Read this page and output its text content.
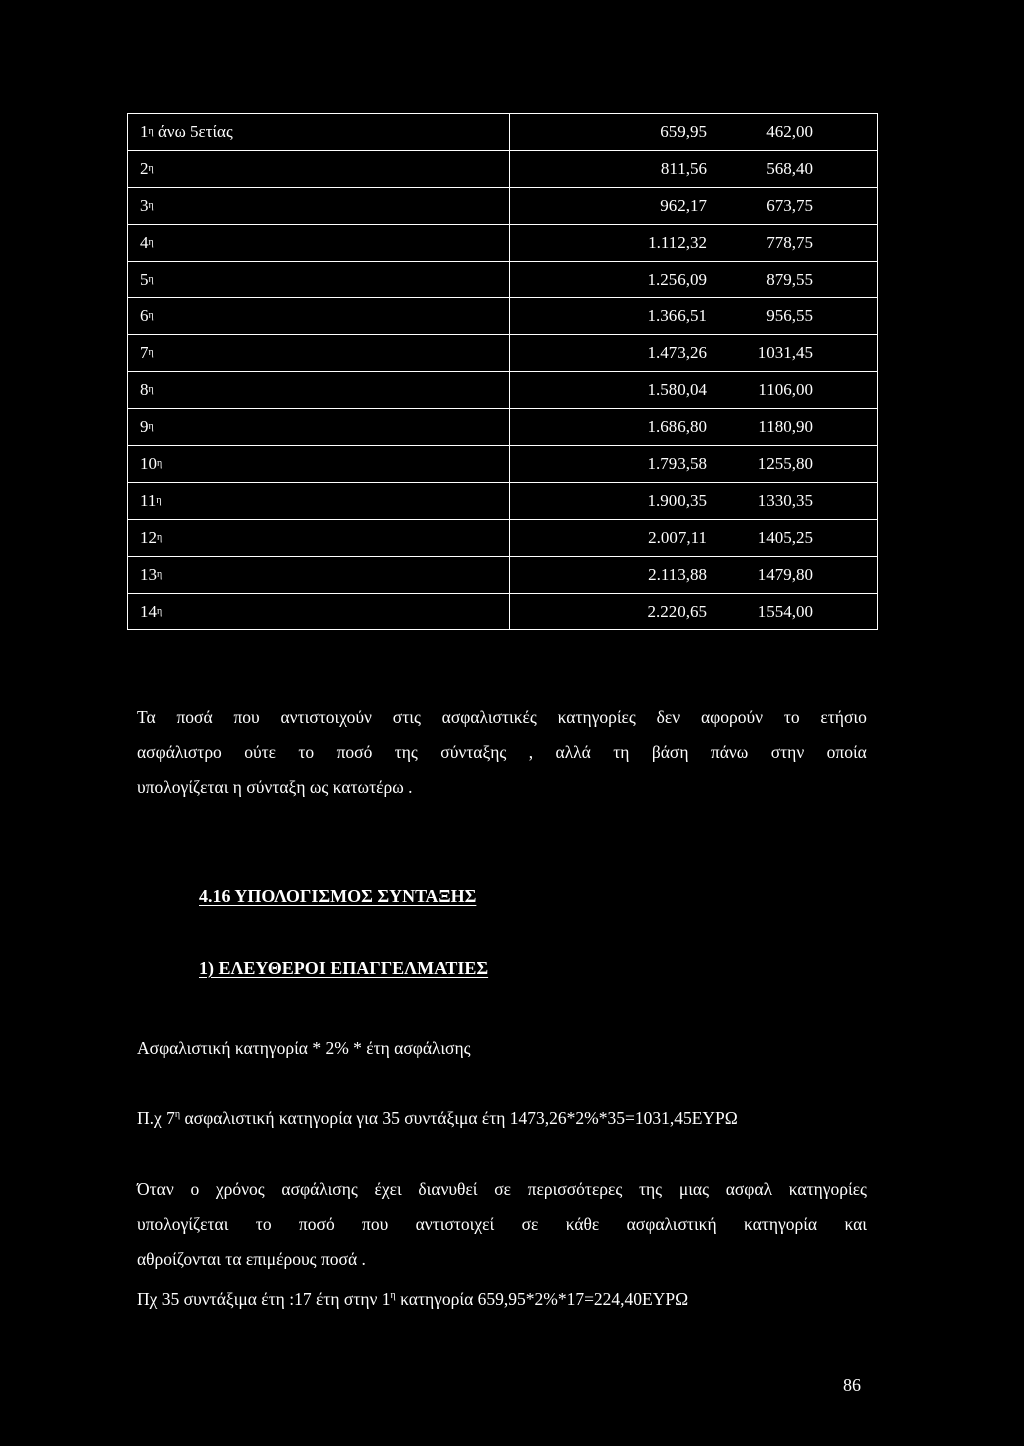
1 η άνω 5ετίας	659,95	462,00
2 η	811,56	568,40
3 η	962,17	673,75
4 η	1.112,32	778,75
5 η	1.256,09	879,55
6 η	1.366,51	956,55
7 η	1.473,26	1031,45
8 η	1.580,04	1106,00
9 η	1.686,80	1180,90
10 η	1.793,58	1255,80
11 η	1.900,35	1330,35
12 η	2.007,11	1405,25
13 η	2.113,88	1479,80
14 η	2.220,65	1554,00
Τα ποσά που αντιστοιχούν στις ασφαλιστικές κατηγορίες δεν αφορούν το ετήσιο
ασφάλιστρο ούτε το ποσό της σύνταξης , αλλά τη βάση πάνω στην οποία
υπολογίζεται η σύνταξη ως κατωτέρω .
4.16 ΥΠΟΛΟΓΙΣΜΟΣ ΣΥΝΤΑΞΗΣ
1) ΕΛΕΥΘΕΡΟΙ ΕΠΑΓΓΕΛΜΑΤΙΕΣ
Ασφαλιστική κατηγορία * 2% * έτη ασφάλισης
Π.χ $7^\eta$ ασφαλιστική κατηγορία για 35 συντάξιμα έτη 1473,26*2%*35=1031,45ΕΥΡΩ
Όταν ο χρόνος ασφάλισης έχει διανυθεί σε περισσότερες της μιας ασφαλ κατηγορίες
υπολογίζεται το ποσό που αντιστοιχεί σε κάθε ασφαλιστική κατηγορία και
αθροίζονται τα επιμέρους ποσά .
Πχ 35 συντάξιμα έτη :17 έτη στην $1^\eta$ κατηγορία 659,95*2%*17=224,40ΕΥΡΩ
86
